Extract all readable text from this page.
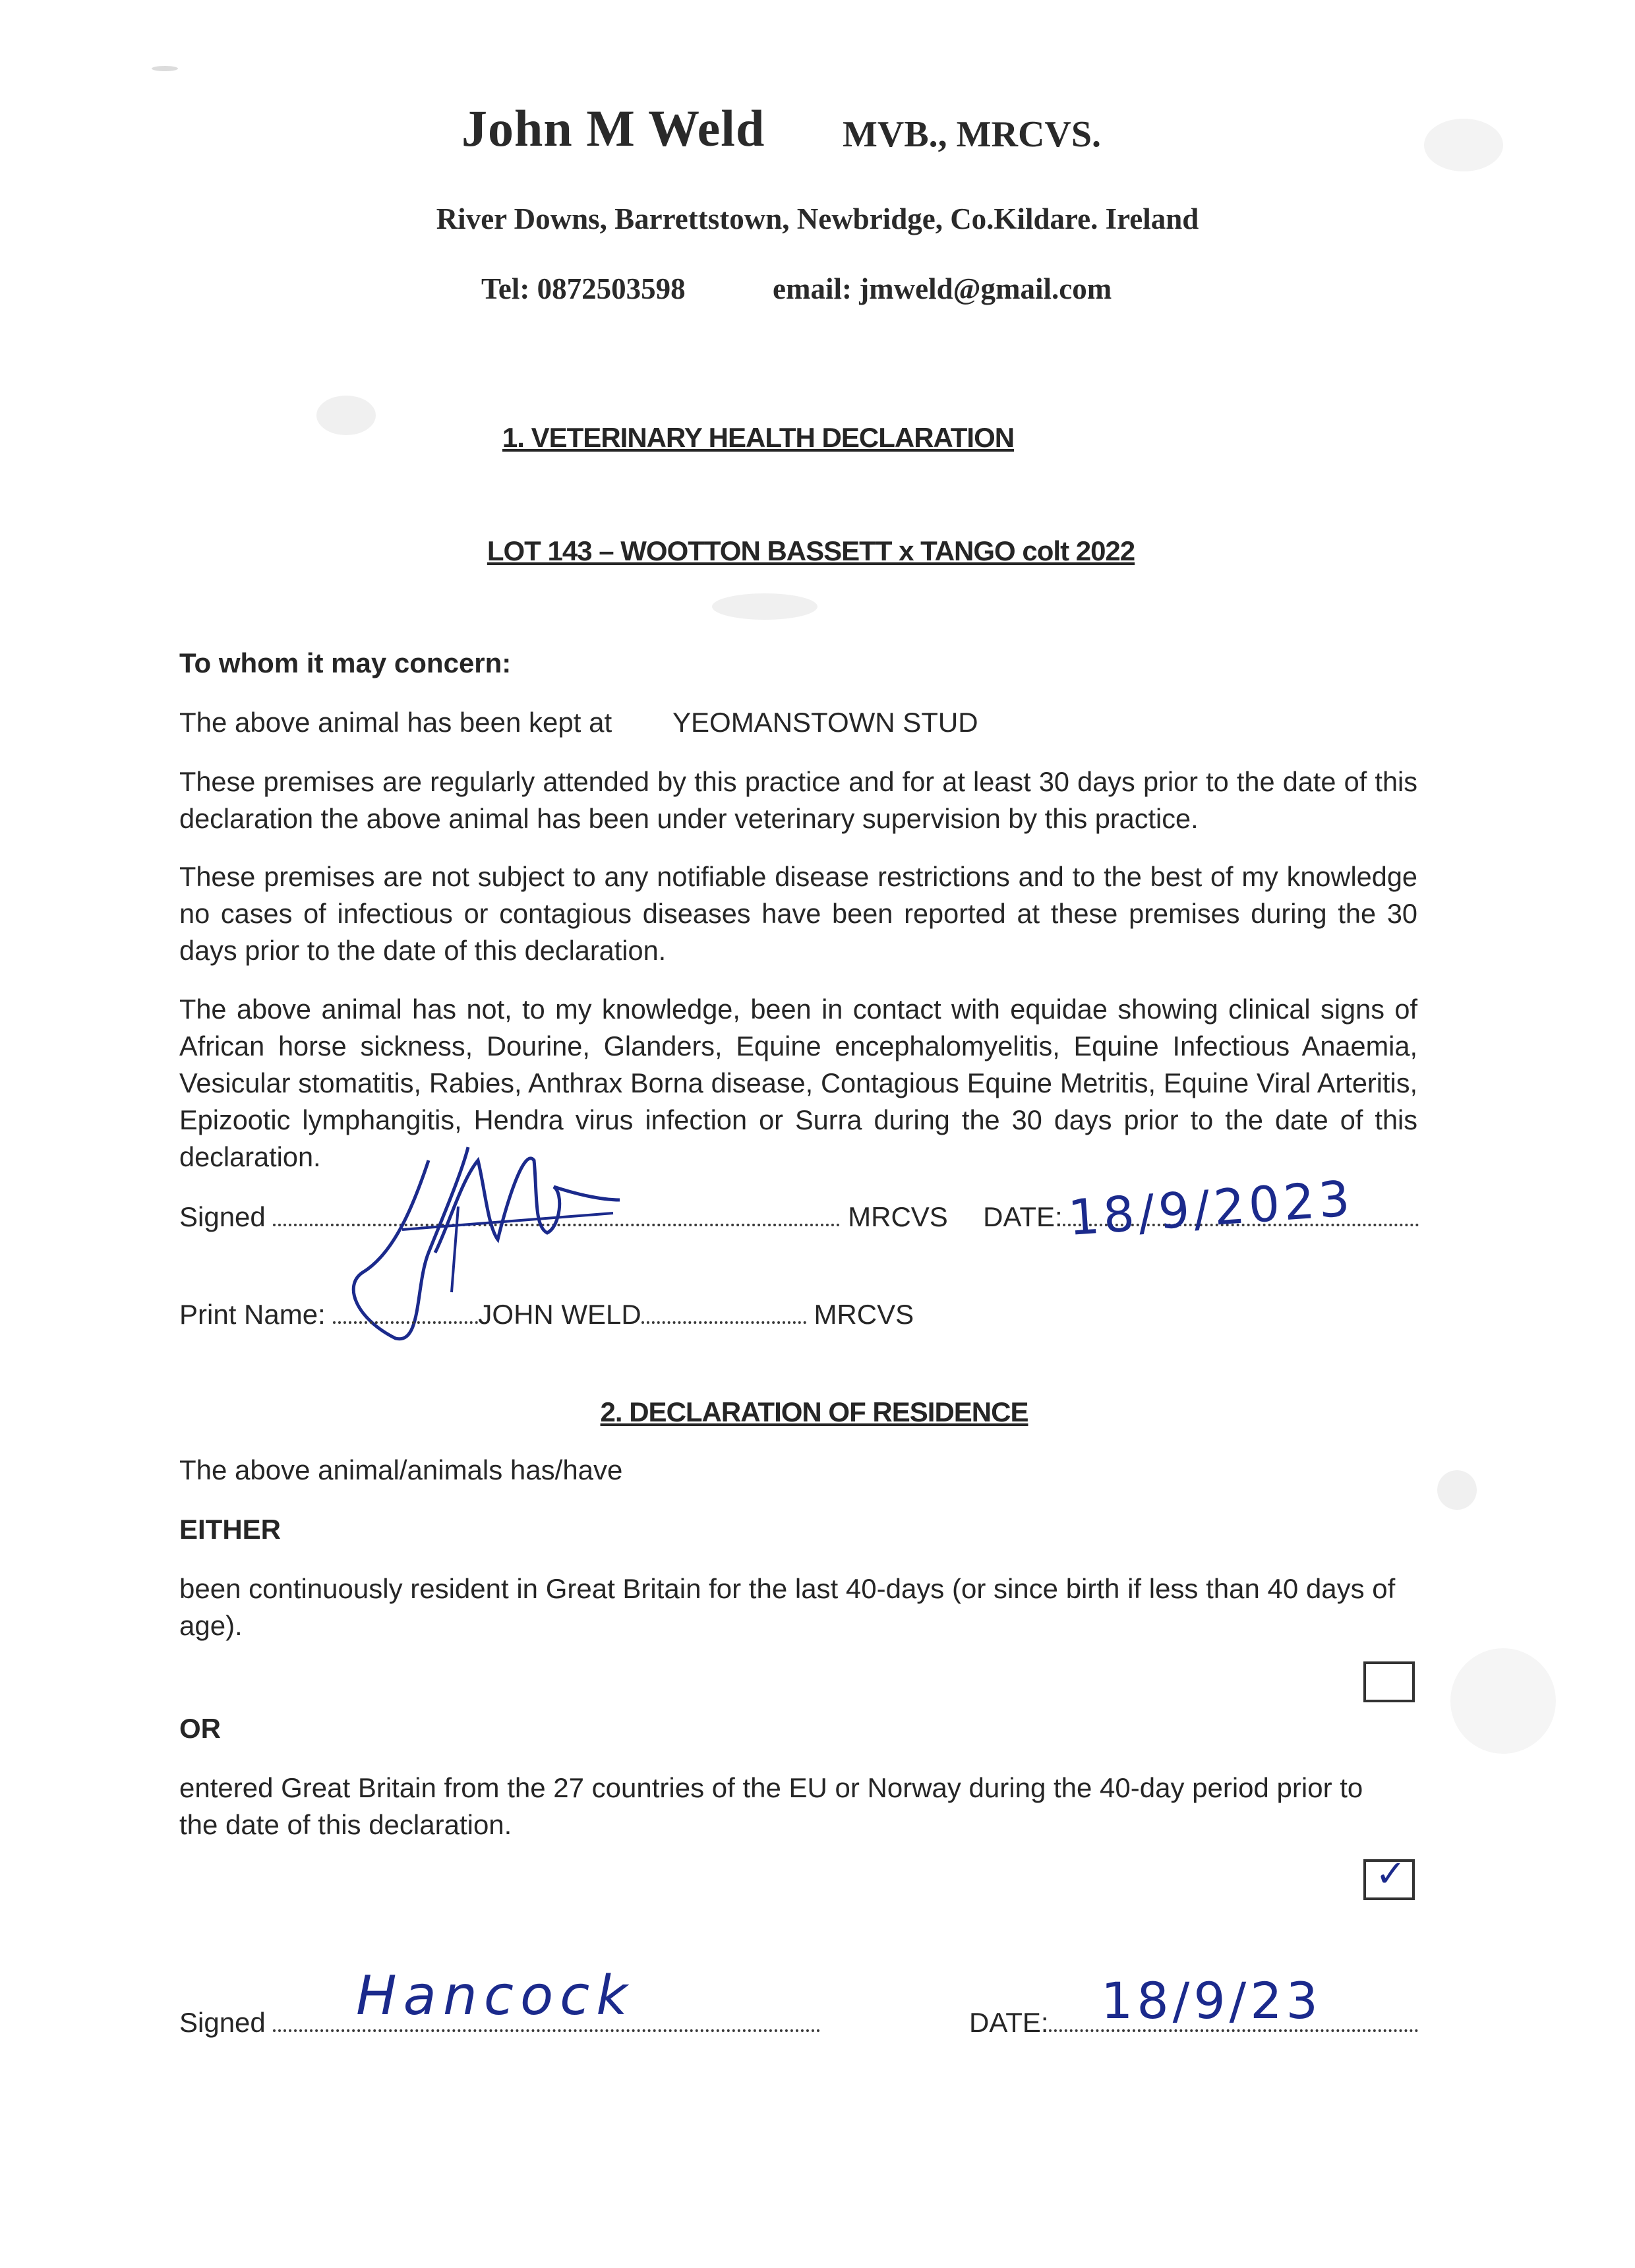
John M Weld MVB., MRCVS.
River Downs, Barrettstown, Newbridge, Co.Kildare. Ireland
Tel: 0872503598	email: jmweld@gmail.com
1. VETERINARY HEALTH DECLARATION
LOT 143 – WOOTTON BASSETT x TANGO colt 2022
To whom it may concern:
The above animal has been kept at YEOMANSTOWN STUD
These premises are regularly attended by this practice and for at least 30 days prior to the date of this declaration the above animal has been under veterinary supervision by this practice.
These premises are not subject to any notifiable disease restrictions and to the best of my knowledge no cases of infectious or contagious diseases have been reported at these premises during the 30 days prior to the date of this declaration.
The above animal has not, to my knowledge, been in contact with equidae showing clinical signs of African horse sickness, Dourine, Glanders, Equine encephalomyelitis, Equine Infectious Anaemia, Vesicular stomatitis, Rabies, Anthrax Borna disease, Contagious Equine Metritis, Equine Viral Arteritis, Epizootic lymphangitis, Hendra virus infection or Surra during the 30 days prior to the date of this declaration.
Signed	MRCVS DATE: 18/9/2023
Print Name:	JOHN WELD	MRCVS
2. DECLARATION OF RESIDENCE
The above animal/animals has/have
EITHER
been continuously resident in Great Britain for the last 40-days (or since birth if less than 40 days of
age).
OR
entered Great Britain from the 27 countries of the EU or Norway during the 40-day period prior to
the date of this declaration.
✓
Signed	Hancock	DATE:	18/9/23
